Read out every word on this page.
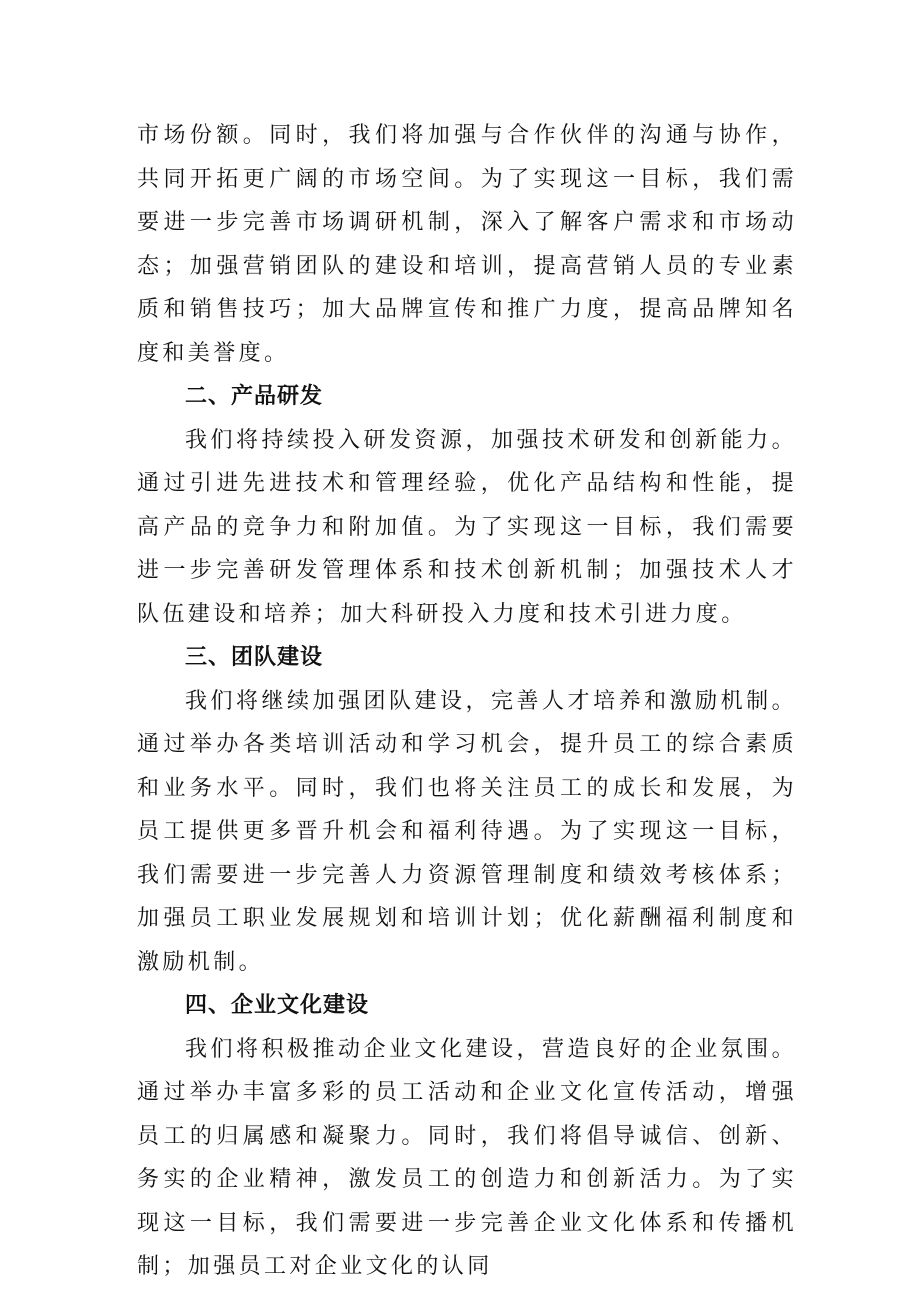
市场份额。同时，我们将加强与合作伙伴的沟通与协作，共同开拓更广阔的市场空间。为了实现这一目标，我们需要进一步完善市场调研机制，深入了解客户需求和市场动态；加强营销团队的建设和培训，提高营销人员的专业素质和销售技巧；加大品牌宣传和推广力度，提高品牌知名度和美誉度。

二、产品研发

我们将持续投入研发资源，加强技术研发和创新能力。通过引进先进技术和管理经验，优化产品结构和性能，提高产品的竞争力和附加值。为了实现这一目标，我们需要进一步完善研发管理体系和技术创新机制；加强技术人才队伍建设和培养；加大科研投入力度和技术引进力度。

三、团队建设

我们将继续加强团队建设，完善人才培养和激励机制。通过举办各类培训活动和学习机会，提升员工的综合素质和业务水平。同时，我们也将关注员工的成长和发展，为员工提供更多晋升机会和福利待遇。为了实现这一目标，我们需要进一步完善人力资源管理制度和绩效考核体系；加强员工职业发展规划和培训计划；优化薪酬福利制度和激励机制。

四、企业文化建设

我们将积极推动企业文化建设，营造良好的企业氛围。通过举办丰富多彩的员工活动和企业文化宣传活动，增强员工的归属感和凝聚力。同时，我们将倡导诚信、创新、务实的企业精神，激发员工的创造力和创新活力。为了实现这一目标，我们需要进一步完善企业文化体系和传播机制；加强员工对企业文化的认同
